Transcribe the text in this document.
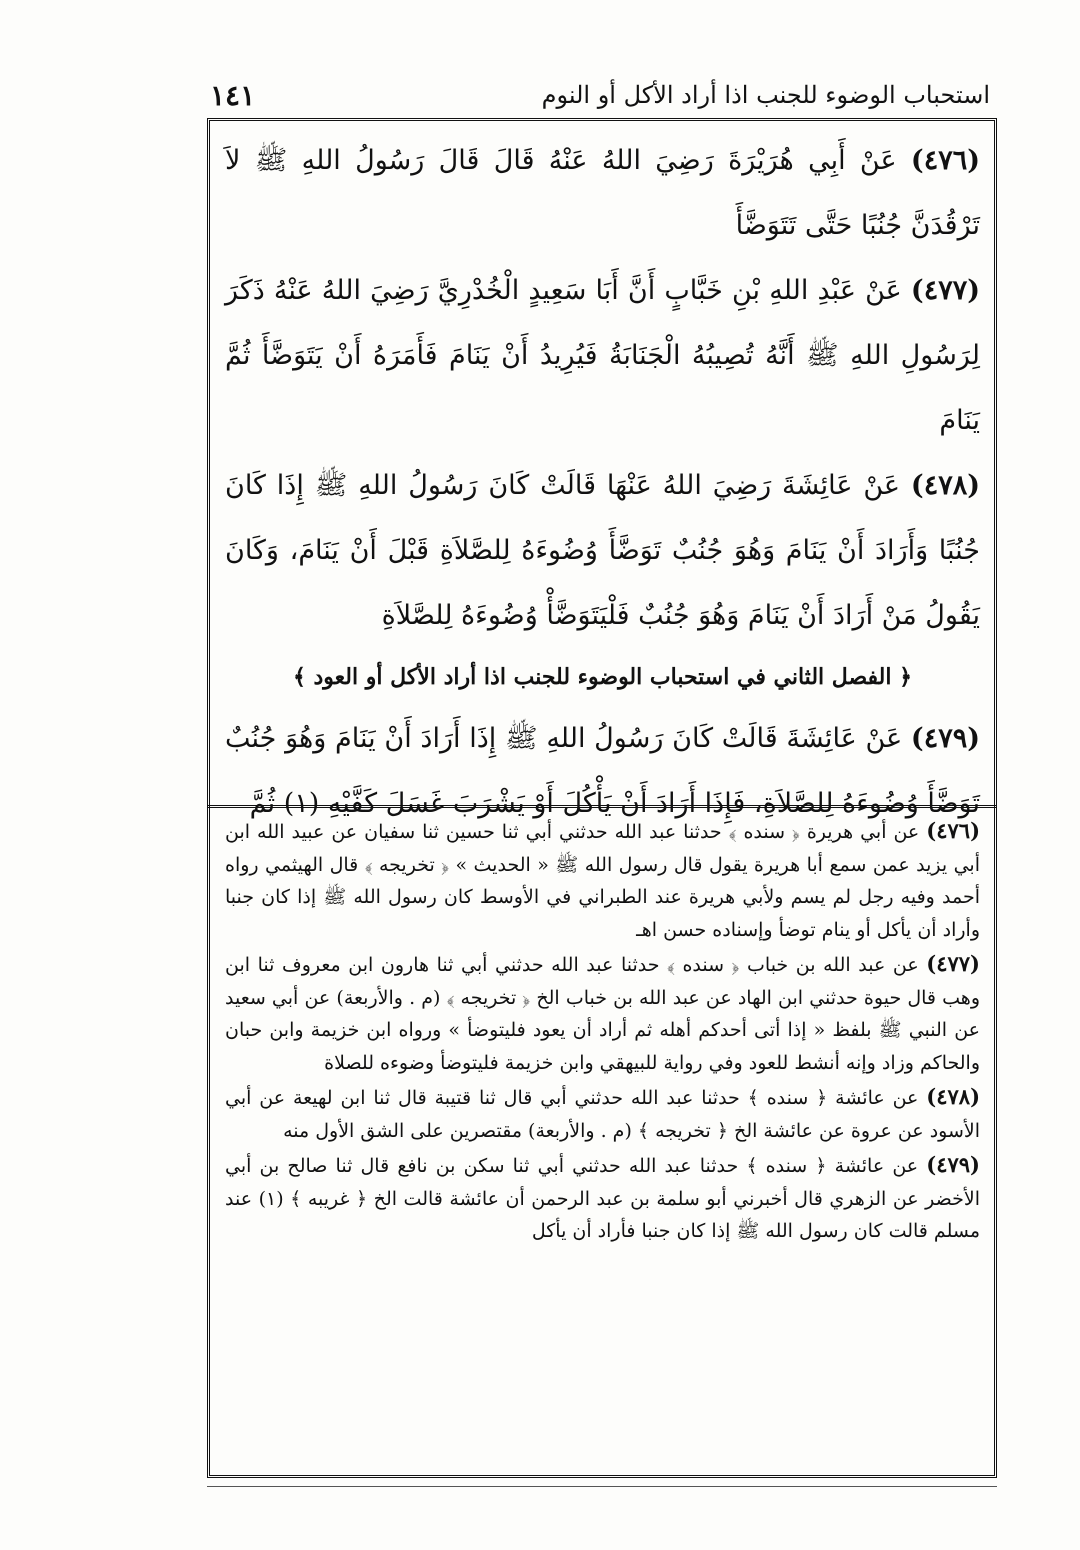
استحباب الوضوء للجنب اذا أراد الأكل أو النوم
١٤١

(٤٧٦) عَنْ أَبِي هُرَيْرَةَ رَضِيَ اللهُ عَنْهُ قَالَ قَالَ رَسُولُ اللهِ ﷺ لاَ تَرْقُدَنَّ جُنُبًا حَتَّى تَتَوَضَّأَ

(٤٧٧) عَنْ عَبْدِ اللهِ بْنِ خَبَّابٍ أَنَّ أَبَا سَعِيدٍ الْخُدْرِيَّ رَضِيَ اللهُ عَنْهُ ذَكَرَ لِرَسُولِ اللهِ ﷺ أَنَّهُ تُصِيبُهُ الْجَنَابَةُ فَيُرِيدُ أَنْ يَنَامَ فَأَمَرَهُ أَنْ يَتَوَضَّأَ ثُمَّ يَنَامَ

(٤٧٨) عَنْ عَائِشَةَ رَضِيَ اللهُ عَنْهَا قَالَتْ كَانَ رَسُولُ اللهِ ﷺ إِذَا كَانَ جُنُبًا وَأَرَادَ أَنْ يَنَامَ وَهُوَ جُنُبٌ تَوَضَّأَ وُضُوءَهُ لِلصَّلاَةِ قَبْلَ أَنْ يَنَامَ، وَكَانَ يَقُولُ مَنْ أَرَادَ أَنْ يَنَامَ وَهُوَ جُنُبٌ فَلْيَتَوَضَّأْ وُضُوءَهُ لِلصَّلاَةِ

﴿ الفصل الثاني في استحباب الوضوء للجنب اذا أراد الأكل أو العود ﴾

(٤٧٩) عَنْ عَائِشَةَ قَالَتْ كَانَ رَسُولُ اللهِ ﷺ إِذَا أَرَادَ أَنْ يَنَامَ وَهُوَ جُنُبٌ تَوَضَّأَ وُضُوءَهُ لِلصَّلاَةِ، فَإِذَا أَرَادَ أَنْ يَأْكُلَ أَوْ يَشْرَبَ غَسَلَ كَفَّيْهِ (١) ثُمَّ

(٤٧٦) عن أبي هريرة ﴿ سنده ﴾ حدثنا عبد الله حدثني أبي ثنا حسين ثنا سفيان عن عبيد الله ابن أبي يزيد عمن سمع أبا هريرة يقول قال رسول الله ﷺ « الحديث » ﴿ تخريجه ﴾ قال الهيثمي رواه أحمد وفيه رجل لم يسم ولأبي هريرة عند الطبراني في الأوسط كان رسول الله ﷺ إذا كان جنبا وأراد أن يأكل أو ينام توضأ وإسناده حسن اهـ

(٤٧٧) عن عبد الله بن خباب ﴿ سنده ﴾ حدثنا عبد الله حدثني أبي ثنا هارون ابن معروف ثنا ابن وهب قال حيوة حدثني ابن الهاد عن عبد الله بن خباب الخ ﴿ تخريجه ﴾ (م . والأربعة) عن أبي سعيد عن النبي ﷺ بلفظ « إذا أتى أحدكم أهله ثم أراد أن يعود فليتوضأ » ورواه ابن خزيمة وابن حبان والحاكم وزاد وإنه أنشط للعود وفي رواية للبيهقي وابن خزيمة فليتوضأ وضوءه للصلاة

(٤٧٨) عن عائشة ﴿ سنده ﴾ حدثنا عبد الله حدثني أبي قال ثنا قتيبة قال ثنا ابن لهيعة عن أبي الأسود عن عروة عن عائشة الخ ﴿ تخريجه ﴾ (م . والأربعة) مقتصرين على الشق الأول منه

(٤٧٩) عن عائشة ﴿ سنده ﴾ حدثنا عبد الله حدثني أبي ثنا سكن بن نافع قال ثنا صالح بن أبي الأخضر عن الزهري قال أخبرني أبو سلمة بن عبد الرحمن أن عائشة قالت الخ ﴿ غريبه ﴾ (١) عند مسلم قالت كان رسول الله ﷺ إذا كان جنبا فأراد أن يأكل
